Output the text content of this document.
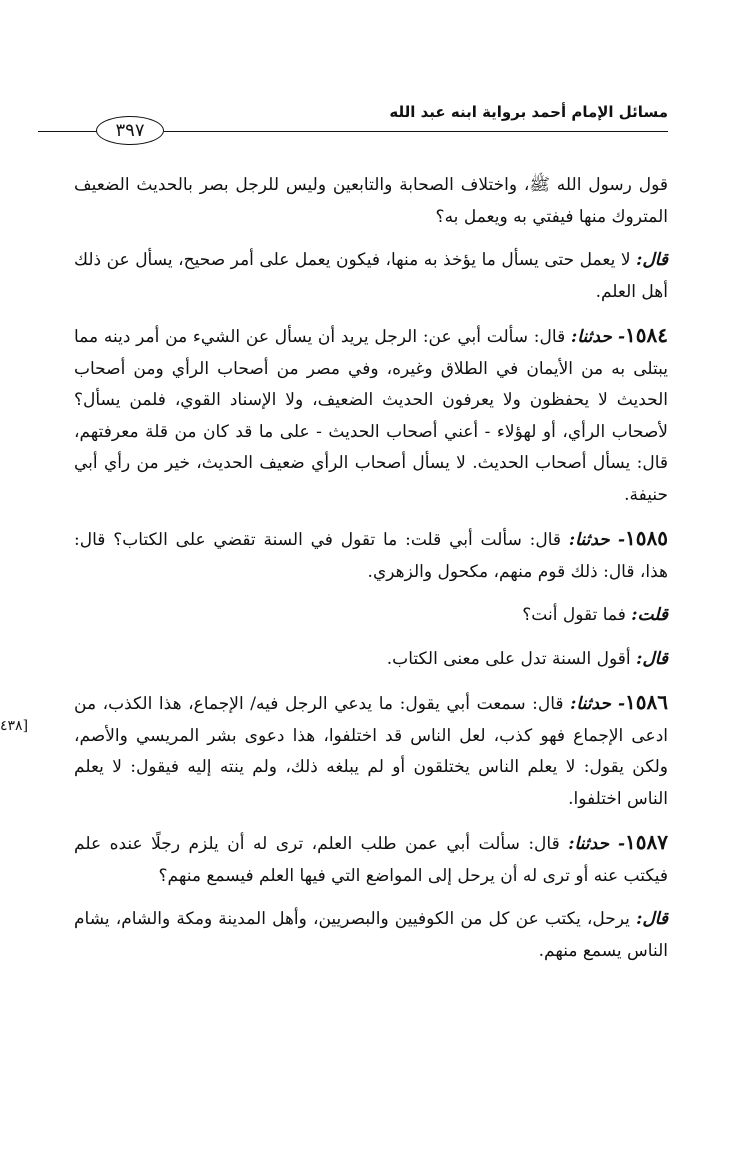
مسائل الإمام أحمد برواية ابنه عبد الله
٣٩٧
[٤٣٨

قول رسول الله ﷺ، واختلاف الصحابة والتابعين وليس للرجل بصر بالحديث الضعيف المتروك منها فيفتي به ويعمل به؟

قال: لا يعمل حتى يسأل ما يؤخذ به منها، فيكون يعمل على أمر صحيح، يسأل عن ذلك أهل العلم.

١٥٨٤- حدثنا: قال: سألت أبي عن: الرجل يريد أن يسأل عن الشيء من أمر دينه مما يبتلى به من الأيمان في الطلاق وغيره، وفي مصر من أصحاب الرأي ومن أصحاب الحديث لا يحفظون ولا يعرفون الحديث الضعيف، ولا الإسناد القوي، فلمن يسأل؟ لأصحاب الرأي، أو لهؤلاء - أعني أصحاب الحديث - على ما قد كان من قلة معرفتهم، قال: يسأل أصحاب الحديث. لا يسأل أصحاب الرأي ضعيف الحديث، خير من رأي أبي حنيفة.

١٥٨٥- حدثنا: قال: سألت أبي قلت: ما تقول في السنة تقضي على الكتاب؟ قال: هذا، قال: ذلك قوم منهم، مكحول والزهري.

قلت: فما تقول أنت؟

قال: أقول السنة تدل على معنى الكتاب.

١٥٨٦- حدثنا: قال: سمعت أبي يقول: ما يدعي الرجل فيه/ الإجماع، هذا الكذب، من ادعى الإجماع فهو كذب، لعل الناس قد اختلفوا، هذا دعوى بشر المريسي والأصم، ولكن يقول: لا يعلم الناس يختلقون أو لم يبلغه ذلك، ولم ينته إليه فيقول: لا يعلم الناس اختلفوا.

١٥٨٧- حدثنا: قال: سألت أبي عمن طلب العلم، ترى له أن يلزم رجلًا عنده علم فيكتب عنه أو ترى له أن يرحل إلى المواضع التي فيها العلم فيسمع منهم؟

قال: يرحل، يكتب عن كل من الكوفيين والبصريين، وأهل المدينة ومكة والشام، يشام الناس يسمع منهم.
